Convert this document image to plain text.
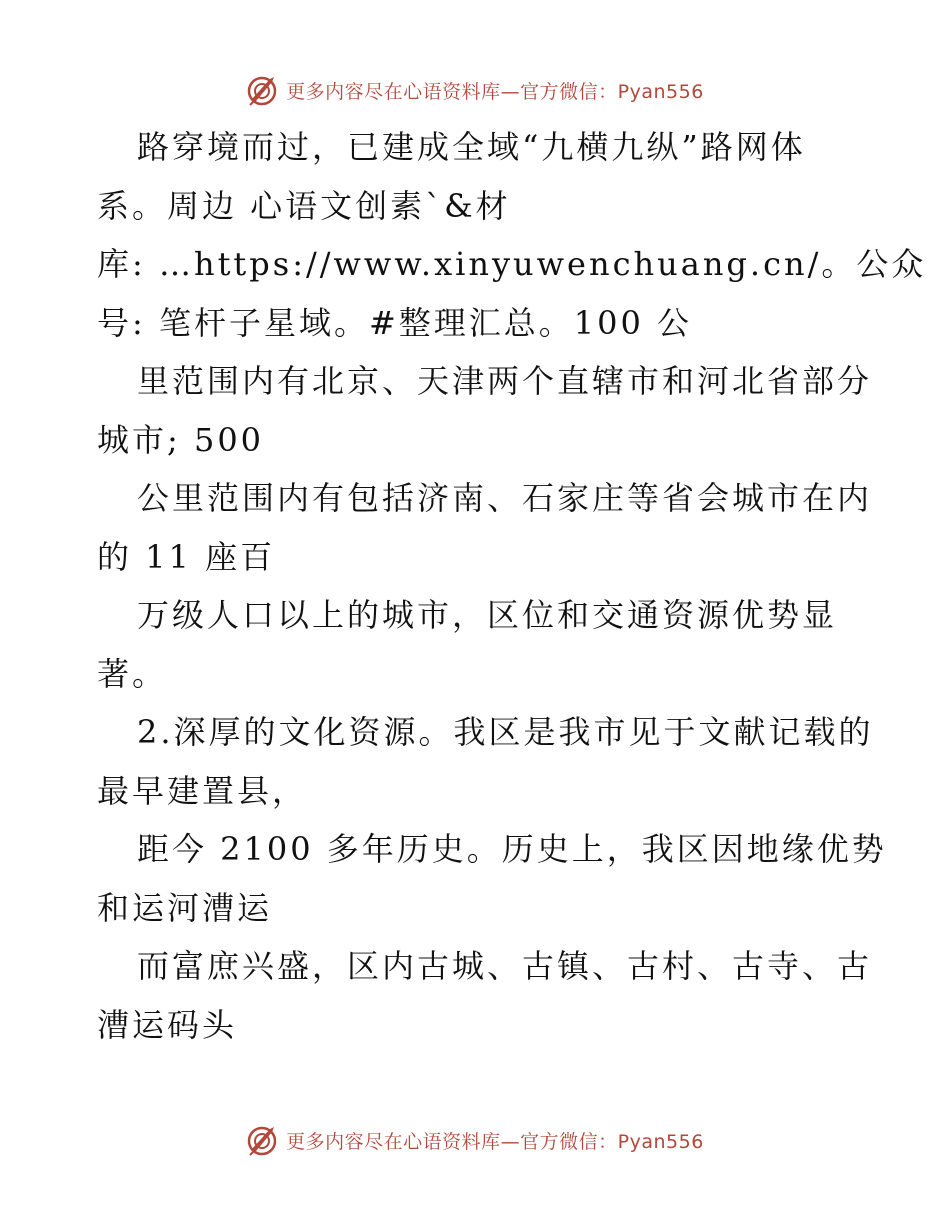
更多内容尽在心语资料库—官方微信：Pyan556
路穿境而过，已建成全域“九横九纵”路网体
系。周边 心语文创素`&材
库: …https://www.xinyuwenchuang.cn/。公众
号: 笔杆子星域。#整理汇总。100 公
里范围内有北京、天津两个直辖市和河北省部分
城市; 500
公里范围内有包括济南、石家庄等省会城市在内
的 11 座百
万级人口以上的城市，区位和交通资源优势显
著。
2.深厚的文化资源。我区是我市见于文献记载的
最早建置县，
距今 2100 多年历史。历史上，我区因地缘优势
和运河漕运
而富庶兴盛，区内古城、古镇、古村、古寺、古
漕运码头
更多内容尽在心语资料库—官方微信：Pyan556
